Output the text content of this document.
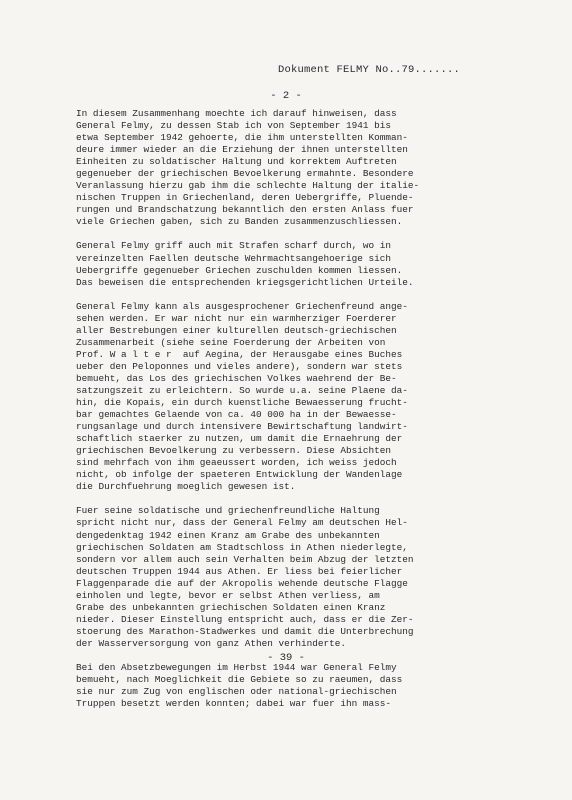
Dokument FELMY No..79.......
- 2 -
In diesem Zusammenhang moechte ich darauf hinweisen, dass
General Felmy, zu dessen Stab ich von September 1941 bis
etwa September 1942 gehoerte, die ihm unterstellten Komman-
deure immer wieder an die Erziehung der ihnen unterstellten
Einheiten zu soldatischer Haltung und korrektem Auftreten
gegenueber der griechischen Bevoelkerung ermahnte. Besondere
Veranlassung hierzu gab ihm die schlechte Haltung der italie-
nischen Truppen in Griechenland, deren Uebergriffe, Pluende-
rungen und Brandschatzung bekanntlich den ersten Anlass fuer
viele Griechen gaben, sich zu Banden zusammenzuschliessen.
General Felmy griff auch mit Strafen scharf durch, wo in
vereinzelten Faellen deutsche Wehrmachtsangehoerige sich
Uebergriffe gegenueber Griechen zuschulden kommen liessen.
Das beweisen die entsprechenden kriegsgerichtlichen Urteile.
General Felmy kann als ausgesprochener Griechenfreund ange-
sehen werden. Er war nicht nur ein warmherziger Foerderer
aller Bestrebungen einer kulturellen deutsch-griechischen
Zusammenarbeit (siehe seine Foerderung der Arbeiten von
Prof. W a l t e r  auf Aegina, der Herausgabe eines Buches
ueber den Peloponnes und vieles andere), sondern war stets
bemueht, das Los des griechischen Volkes waehrend der Be-
satzungszeit zu erleichtern. So wurde u.a. seine Plaene da-
hin, die Kopais, ein durch kuenstliche Bewaesserung frucht-
bar gemachtes Gelaende von ca. 40 000 ha in der Bewaesse-
rungsanlage und durch intensivere Bewirtschaftung landwirt-
schaftlich staerker zu nutzen, um damit die Ernaehrung der
griechischen Bevoelkerung zu verbessern. Diese Absichten
sind mehrfach von ihm geaeussert worden, ich weiss jedoch
nicht, ob infolge der spaeteren Entwicklung der Wandenlage
die Durchfuehrung moeglich gewesen ist.
Fuer seine soldatische und griechenfreundliche Haltung
spricht nicht nur, dass der General Felmy am deutschen Hel-
dengedenktag 1942 einen Kranz am Grabe des unbekannten
griechischen Soldaten am Stadtschloss in Athen niederlegte,
sondern vor allem auch sein Verhalten beim Abzug der letzten
deutschen Truppen 1944 aus Athen. Er liess bei feierlicher
Flaggenparade die auf der Akropolis wehende deutsche Flagge
einholen und legte, bevor er selbst Athen verliess, am
Grabe des unbekannten griechischen Soldaten einen Kranz
nieder. Dieser Einstellung entspricht auch, dass er die Zer-
stoerung des Marathon-Stadwerkes und damit die Unterbrechung
der Wasserversorgung von ganz Athen verhinderte.
Bei den Absetzbewegungen im Herbst 1944 war General Felmy
bemueht, nach Moeglichkeit die Gebiete so zu raeumen, dass
sie nur zum Zug von englischen oder national-griechischen
Truppen besetzt werden konnten; dabei war fuer ihn mass-
- 39 -
